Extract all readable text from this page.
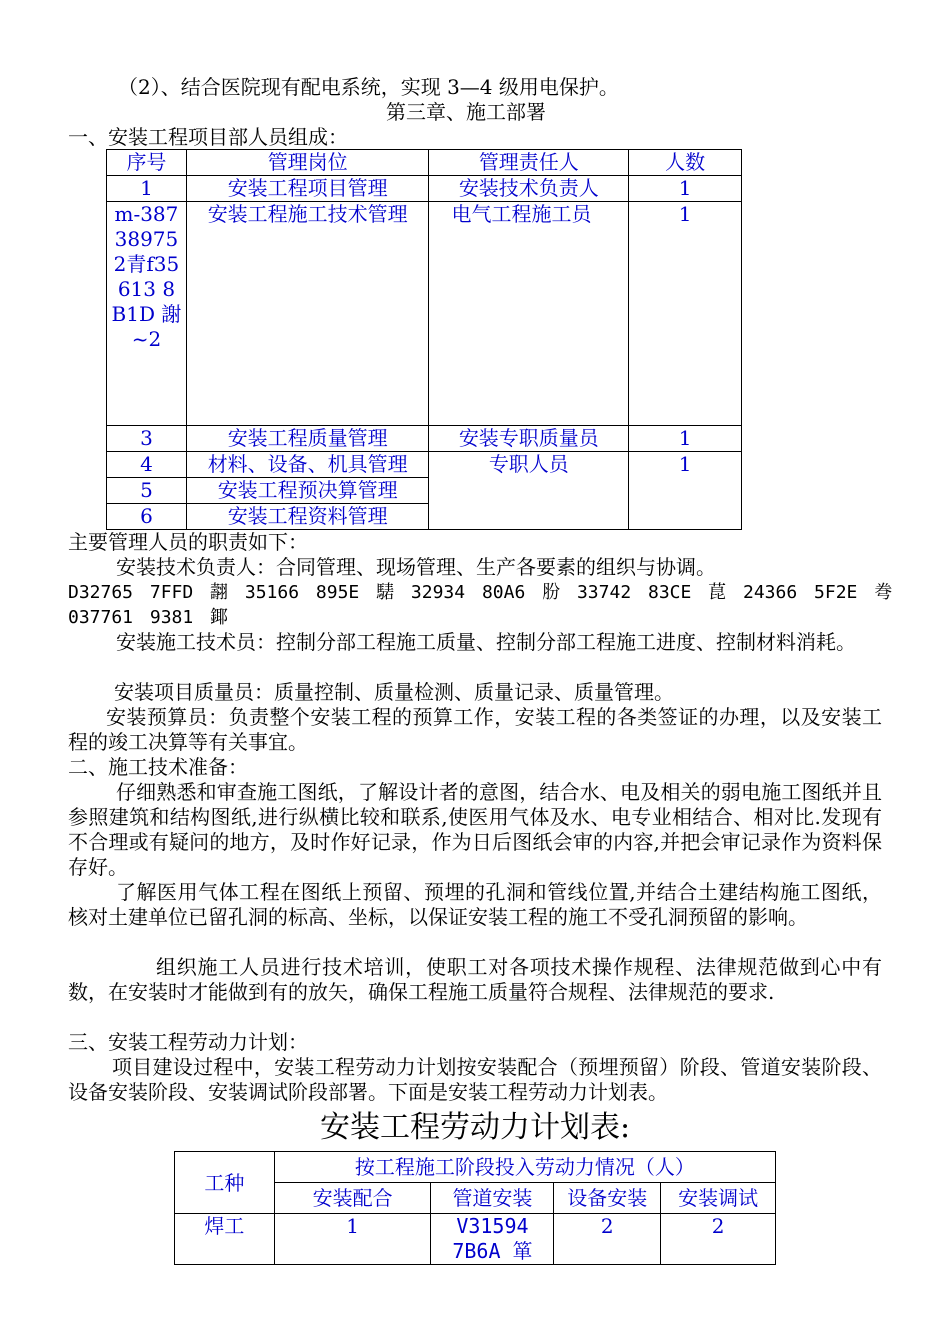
（2）、结合医院现有配电系统，实现 3—4 级用电保护。
第三章、施工部署
一、安装工程项目部人员组成：
序号	管理岗位	管理责任人	人数
1	安装工程项目管理	安装技术负责人	1
m-387389752青f35613 8B1D 謝~2	安装工程施工技术管理	电气工程施工员	1
3	安装工程质量管理	安装专职质量员	1
4	材料、设备、机具管理	专职人员	1
5	安装工程预决算管理		
6	安装工程资料管理		
主要管理人员的职责如下：
安装技术负责人：合同管理、现场管理、生产各要素的组织与协调。
D32765 7FFD 翿 35166 895E 騞 32934 80A6 肦 33742 83CE 菎 24366 5F2E 弮
037761 9381 鎁
安装施工技术员：控制分部工程施工质量、控制分部工程施工进度、控制材料消耗。
安装项目质量员：质量控制、质量检测、质量记录、质量管理。
安装预算员：负责整个安装工程的预算工作，安装工程的各类签证的办理，以及安装工程的竣工决算等有关事宜。
二、施工技术准备：
仔细熟悉和审查施工图纸，了解设计者的意图，结合水、电及相关的弱电施工图纸并且参照建筑和结构图纸,进行纵横比较和联系,使医用气体及水、电专业相结合、相对比.发现有不合理或有疑问的地方，及时作好记录，作为日后图纸会审的内容,并把会审记录作为资料保存好。
了解医用气体工程在图纸上预留、预埋的孔洞和管线位置,并结合土建结构施工图纸，核对土建单位已留孔洞的标高、坐标，以保证安装工程的施工不受孔洞预留的影响。
组织施工人员进行技术培训，使职工对各项技术操作规程、法律规范做到心中有数，在安装时才能做到有的放矢，确保工程施工质量符合规程、法律规范的要求.
三、安装工程劳动力计划：
项目建设过程中，安装工程劳动力计划按安装配合（预埋预留）阶段、管道安装阶段、设备安装阶段、安装调试阶段部署。下面是安装工程劳动力计划表。
安装工程劳动力计划表:
工种	按工程施工阶段投入劳动力情况（人）			
	安装配合	管道安装	设备安装	安装调试
焊工	1	V31594 7B6A 箪	2	2
